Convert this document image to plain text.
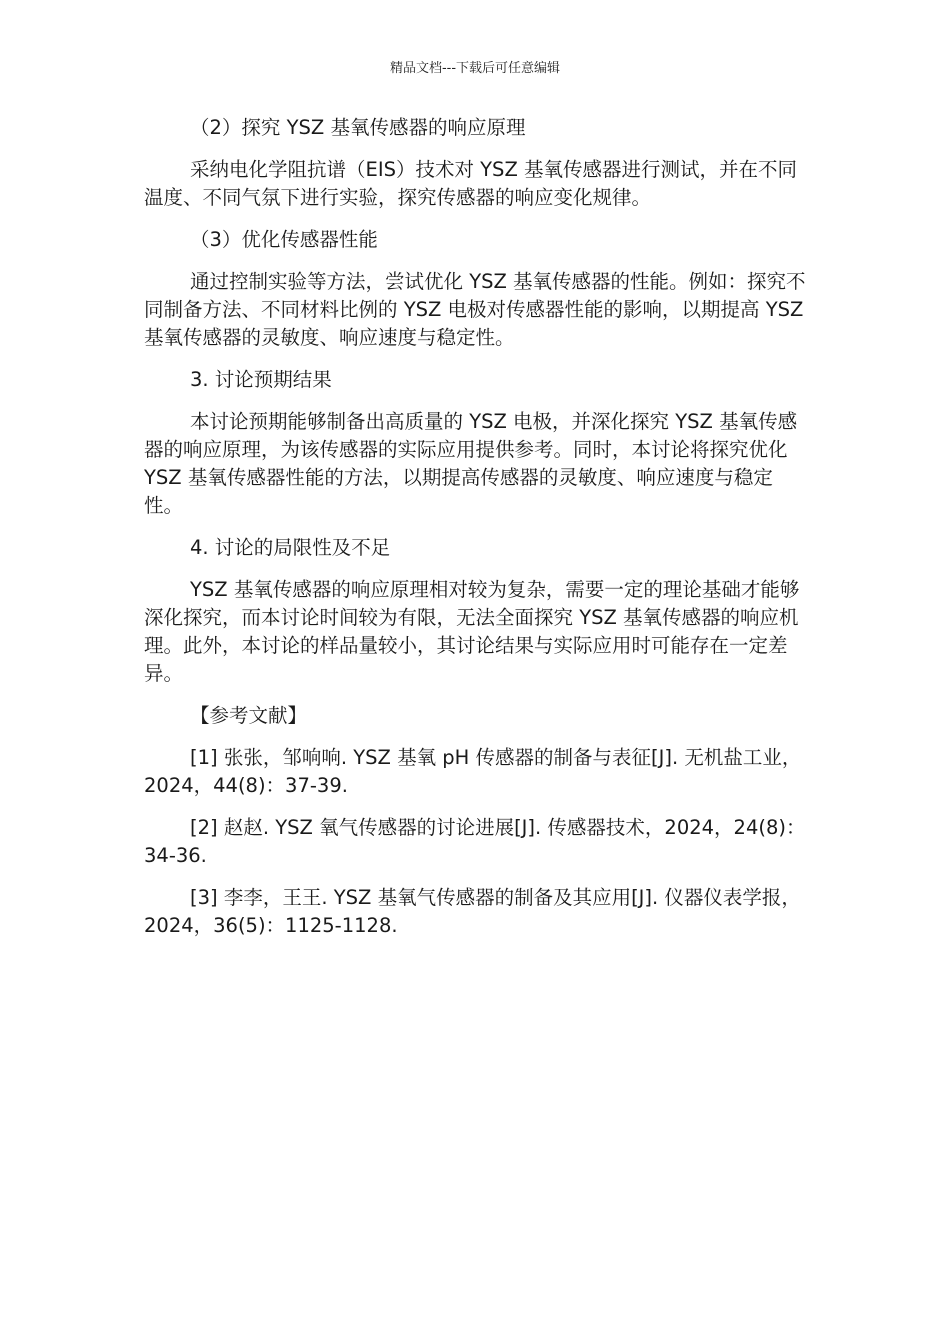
精品文档---下载后可任意编辑

（2）探究 YSZ 基氧传感器的响应原理

采纳电化学阻抗谱（EIS）技术对 YSZ 基氧传感器进行测试，并在不同温度、不同气氛下进行实验，探究传感器的响应变化规律。

（3）优化传感器性能

通过控制实验等方法，尝试优化 YSZ 基氧传感器的性能。例如：探究不同制备方法、不同材料比例的 YSZ 电极对传感器性能的影响，以期提高 YSZ 基氧传感器的灵敏度、响应速度与稳定性。

3. 讨论预期结果

本讨论预期能够制备出高质量的 YSZ 电极，并深化探究 YSZ 基氧传感器的响应原理，为该传感器的实际应用提供参考。同时，本讨论将探究优化 YSZ 基氧传感器性能的方法，以期提高传感器的灵敏度、响应速度与稳定性。

4. 讨论的局限性及不足

YSZ 基氧传感器的响应原理相对较为复杂，需要一定的理论基础才能够深化探究，而本讨论时间较为有限，无法全面探究 YSZ 基氧传感器的响应机理。此外，本讨论的样品量较小，其讨论结果与实际应用时可能存在一定差异。

【参考文献】

[1] 张张，邹响响. YSZ 基氧 pH 传感器的制备与表征[J]. 无机盐工业，2024，44(8)：37-39.

[2] 赵赵. YSZ 氧气传感器的讨论进展[J]. 传感器技术，2024，24(8)：34-36.

[3] 李李，王王. YSZ 基氧气传感器的制备及其应用[J]. 仪器仪表学报，2024，36(5)：1125-1128.
